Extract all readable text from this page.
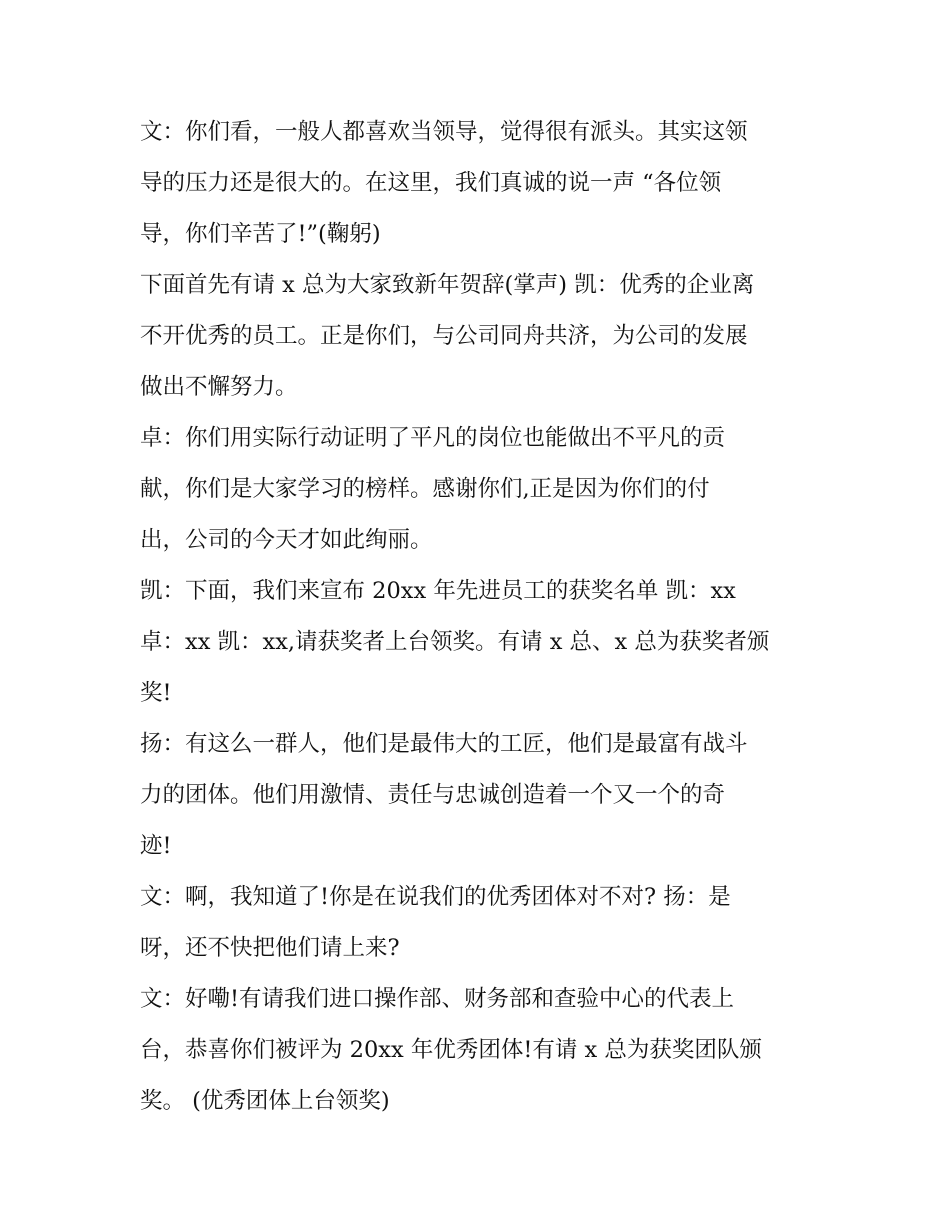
文：你们看，一般人都喜欢当领导，觉得很有派头。其实这领
导的压力还是很大的。在这里，我们真诚的说一声 “各位领
导，你们辛苦了!”(鞠躬)
下面首先有请 x 总为大家致新年贺辞(掌声) 凯：优秀的企业离
不开优秀的员工。正是你们，与公司同舟共济，为公司的发展
做出不懈努力。
卓：你们用实际行动证明了平凡的岗位也能做出不平凡的贡
献，你们是大家学习的榜样。感谢你们,正是因为你们的付
出，公司的今天才如此绚丽。
凯：下面，我们来宣布 20xx 年先进员工的获奖名单 凯：xx
卓：xx 凯：xx,请获奖者上台领奖。有请 x 总、x 总为获奖者颁
奖!
扬：有这么一群人，他们是最伟大的工匠，他们是最富有战斗
力的团体。他们用激情、责任与忠诚创造着一个又一个的奇
迹!
文：啊，我知道了!你是在说我们的优秀团体对不对? 扬：是
呀，还不快把他们请上来?
文：好嘞!有请我们进口操作部、财务部和查验中心的代表上
台，恭喜你们被评为 20xx 年优秀团体!有请 x 总为获奖团队颁
奖。 (优秀团体上台领奖)
